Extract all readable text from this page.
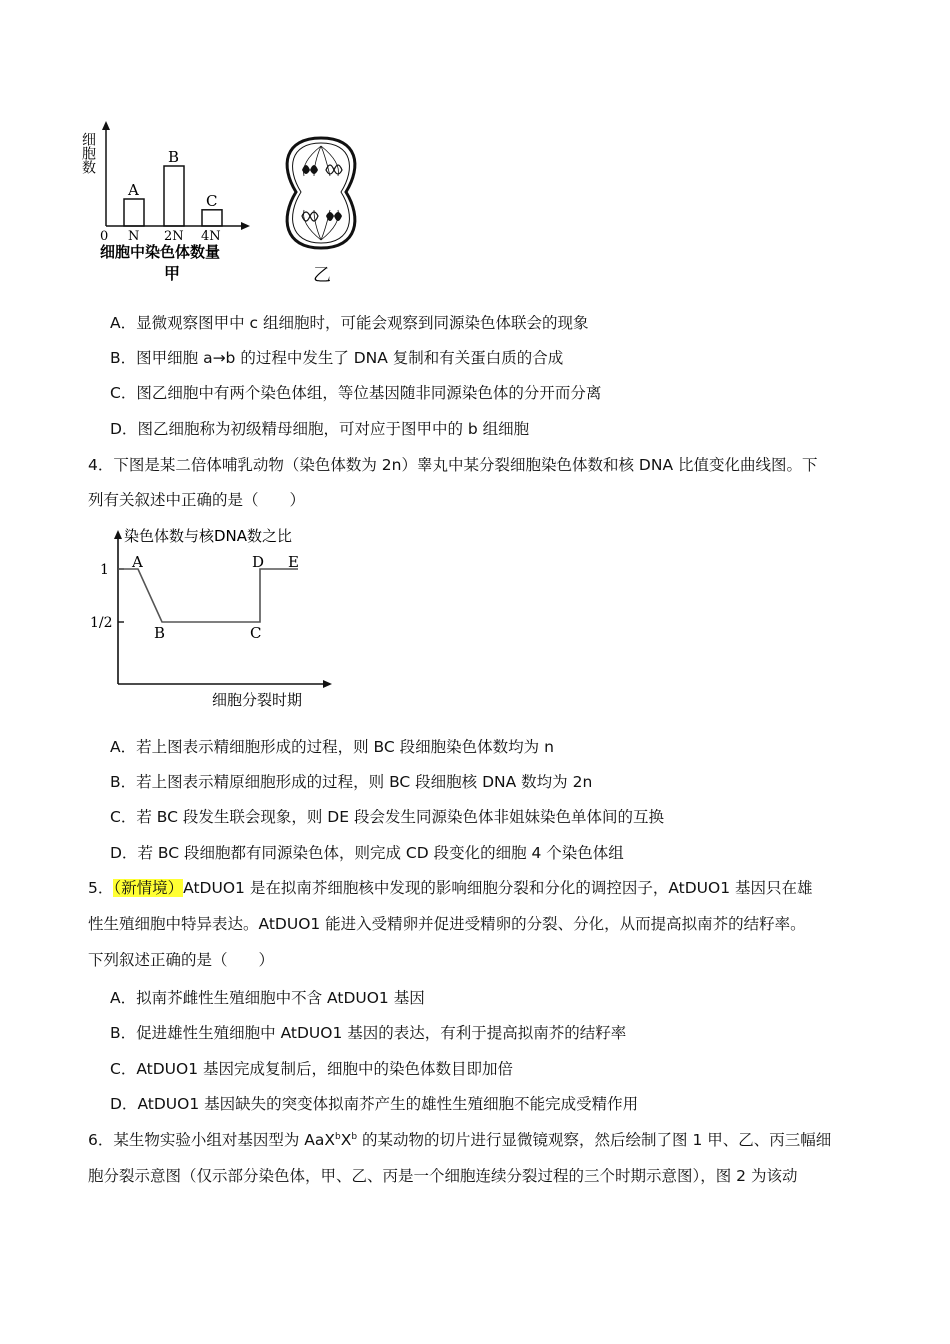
细胞数
A
B
C
0 N 2N 4N
细胞中染色体数量
甲	乙
A．显微观察图甲中 c 组细胞时，可能会观察到同源染色体联会的现象
B．图甲细胞 a→b 的过程中发生了 DNA 复制和有关蛋白质的合成
C．图乙细胞中有两个染色体组，等位基因随非同源染色体的分开而分离
D．图乙细胞称为初级精母细胞，可对应于图甲中的 b 组细胞
4．下图是某二倍体哺乳动物（染色体数为 2n）睾丸中某分裂细胞染色体数和核 DNA 比值变化曲线图。下
列有关叙述中正确的是（　　）
染色体数与核DNA数之比
1
1/2
A
B	C
D E
细胞分裂时期
A．若上图表示精细胞形成的过程，则 BC 段细胞染色体数均为 n
B．若上图表示精原细胞形成的过程，则 BC 段细胞核 DNA 数均为 2n
C．若 BC 段发生联会现象，则 DE 段会发生同源染色体非姐妹染色单体间的互换
D．若 BC 段细胞都有同源染色体，则完成 CD 段变化的细胞 4 个染色体组
5．（新情境）AtDUO1 是在拟南芥细胞核中发现的影响细胞分裂和分化的调控因子，AtDUO1 基因只在雄
性生殖细胞中特异表达。AtDUO1 能进入受精卵并促进受精卵的分裂、分化，从而提高拟南芥的结籽率。
下列叙述正确的是（　　）
A．拟南芥雌性生殖细胞中不含 AtDUO1 基因
B．促进雄性生殖细胞中 AtDUO1 基因的表达，有利于提高拟南芥的结籽率
C．AtDUO1 基因完成复制后，细胞中的染色体数目即加倍
D．AtDUO1 基因缺失的突变体拟南芥产生的雄性生殖细胞不能完成受精作用
6．某生物实验小组对基因型为 $AaX^bX^b$ 的某动物的切片进行显微镜观察，然后绘制了图 1 甲、乙、丙三幅细
胞分裂示意图（仅示部分染色体，甲、乙、丙是一个细胞连续分裂过程的三个时期示意图），图 2 为该动
